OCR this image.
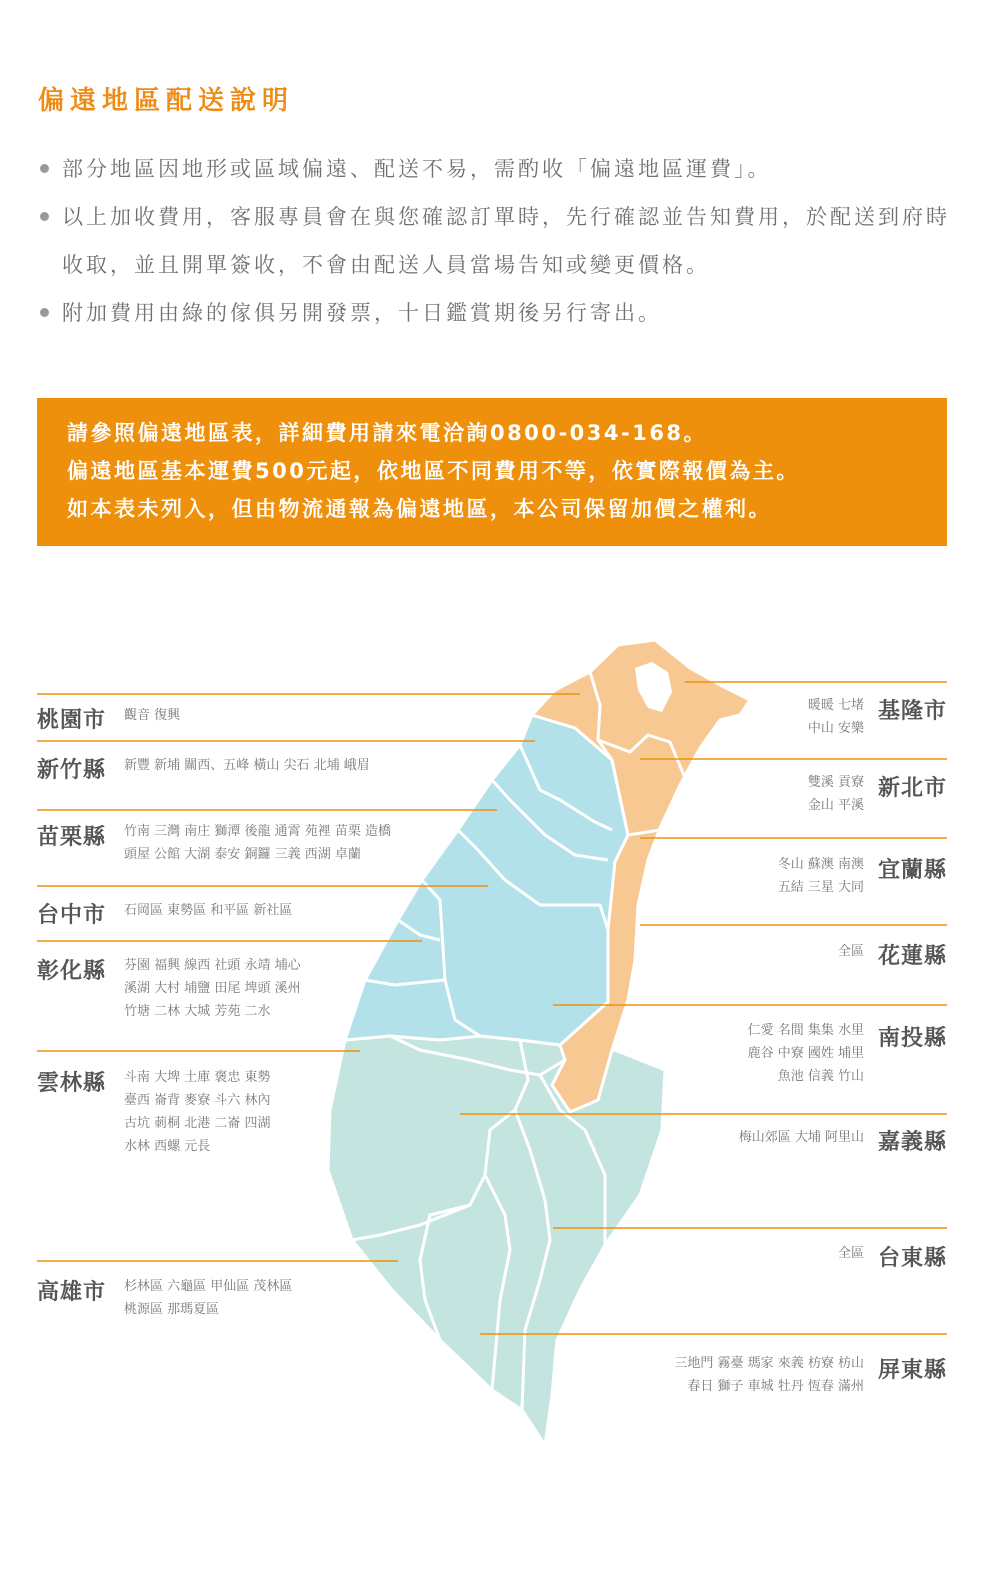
偏遠地區配送說明
部分地區因地形或區域偏遠、配送不易，需酌收「偏遠地區運費」。
以上加收費用，客服專員會在與您確認訂單時，先行確認並告知費用，於配送到府時收取，並且開單簽收，不會由配送人員當場告知或變更價格。
附加費用由綠的傢俱另開發票，十日鑑賞期後另行寄出。

請參照偏遠地區表，詳細費用請來電洽詢0800-034-168。

偏遠地區基本運費500元起，依地區不同費用不等，依實際報價為主。

如本表未列入，但由物流通報為偏遠地區，本公司保留加價之權利。

桃園市 觀音 復興
新竹縣 新豐 新埔 關西、五峰 橫山 尖石 北埔 峨眉
苗栗縣 竹南 三灣 南庄 獅潭 後龍 通霄 苑裡 苗栗 造橋
頭屋 公館 大湖 泰安 銅鑼 三義 西湖 卓蘭
台中市 石岡區 東勢區 和平區 新社區
彰化縣 芬園 福興 線西 社頭 永靖 埔心
溪湖 大村 埔鹽 田尾 埤頭 溪州
竹塘 二林 大城 芳苑 二水
雲林縣 斗南 大埤 土庫 褒忠 東勢
臺西 崙背 麥寮 斗六 林內
古坑 莿桐 北港 二崙 四湖
水林 西螺 元長
高雄市 杉林區 六龜區 甲仙區 茂林區
桃源區 那瑪夏區
基隆市
暖暖 七堵
中山 安樂
新北市
雙溪 貢寮
金山 平溪
宜蘭縣
冬山 蘇澳 南澳
五結 三星 大同
花蓮縣
全區
南投縣
仁愛 名間 集集 水里
鹿谷 中寮 國姓 埔里
魚池 信義 竹山
嘉義縣
梅山郊區 大埔 阿里山
台東縣
全區
屏東縣
三地門 霧臺 瑪家 來義 枋寮 枋山
春日 獅子 車城 牡丹 恆春 滿州
